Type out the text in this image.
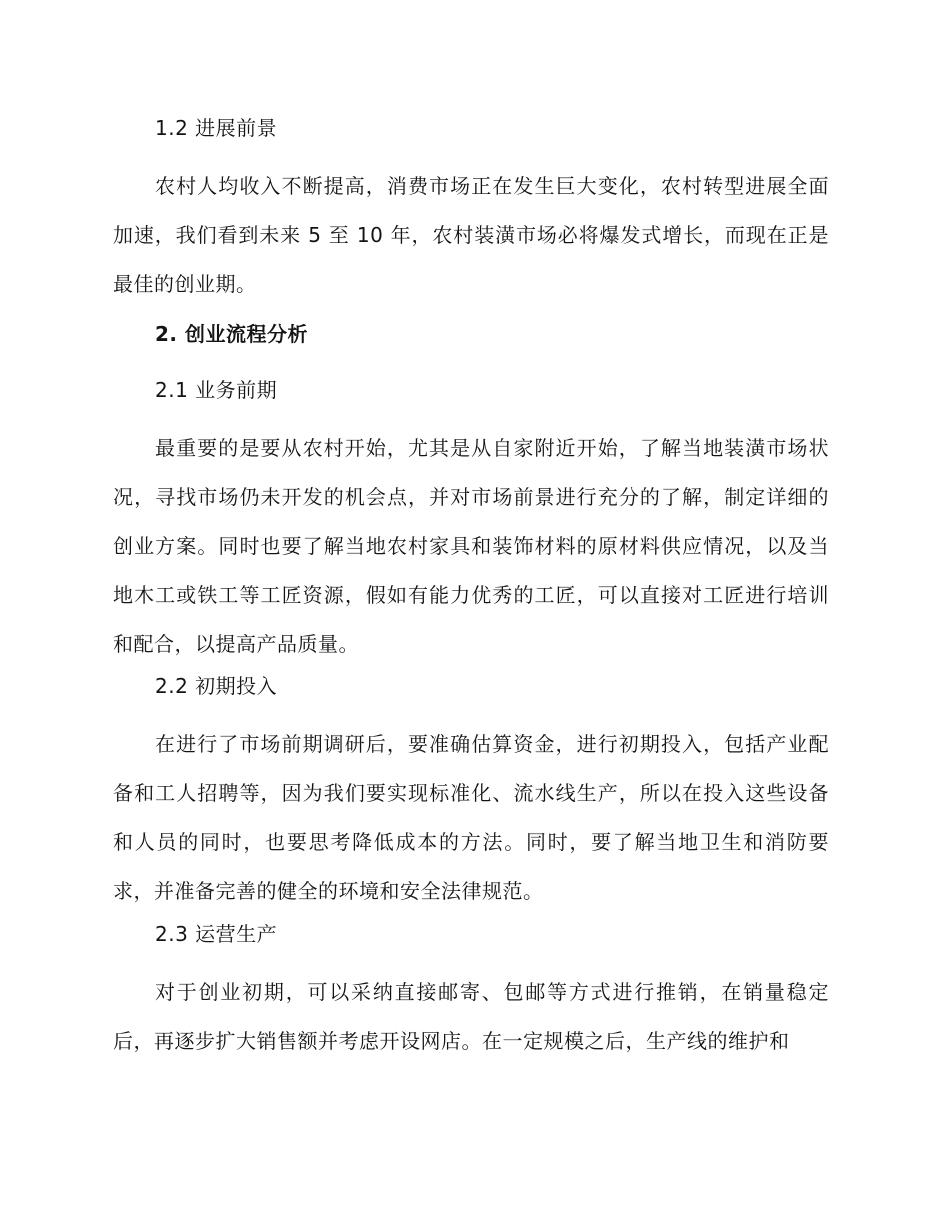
1.2 进展前景

农村人均收入不断提高，消费市场正在发生巨大变化，农村转型进展全面加速，我们看到未来 5 至 10 年，农村装潢市场必将爆发式增长，而现在正是最佳的创业期。

2. 创业流程分析

2.1 业务前期

最重要的是要从农村开始，尤其是从自家附近开始，了解当地装潢市场状况，寻找市场仍未开发的机会点，并对市场前景进行充分的了解，制定详细的创业方案。同时也要了解当地农村家具和装饰材料的原材料供应情况，以及当地木工或铁工等工匠资源，假如有能力优秀的工匠，可以直接对工匠进行培训和配合，以提高产品质量。

2.2 初期投入

在进行了市场前期调研后，要准确估算资金，进行初期投入，包括产业配备和工人招聘等，因为我们要实现标准化、流水线生产，所以在投入这些设备和人员的同时，也要思考降低成本的方法。同时，要了解当地卫生和消防要求，并准备完善的健全的环境和安全法律规范。

2.3 运营生产

对于创业初期，可以采纳直接邮寄、包邮等方式进行推销，在销量稳定后，再逐步扩大销售额并考虑开设网店。在一定规模之后，生产线的维护和
